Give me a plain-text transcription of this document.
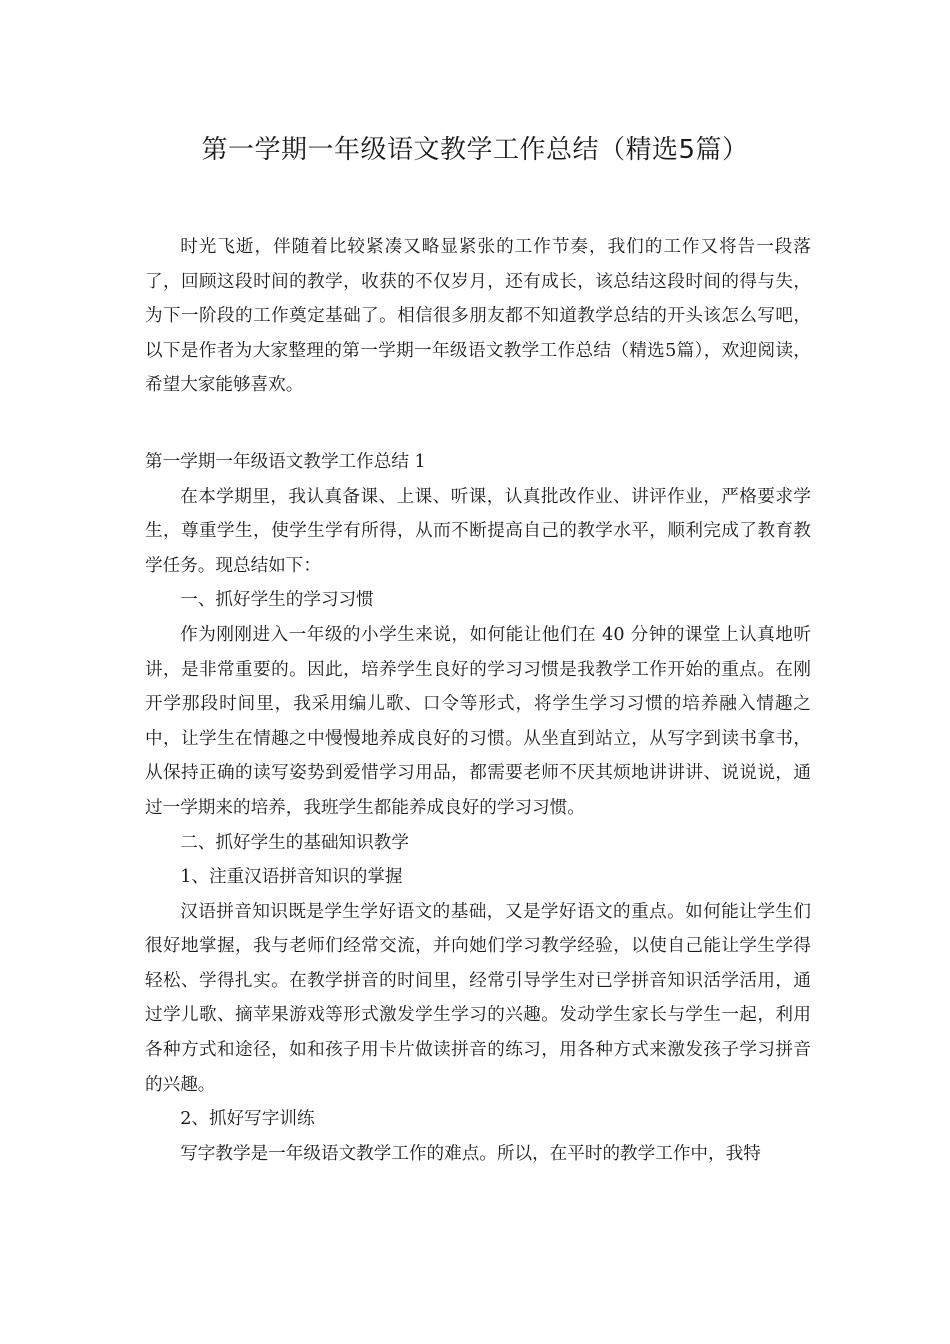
第一学期一年级语文教学工作总结（精选5篇）

时光飞逝，伴随着比较紧凑又略显紧张的工作节奏，我们的工作又将告一段落了，回顾这段时间的教学，收获的不仅岁月，还有成长，该总结这段时间的得与失，为下一阶段的工作奠定基础了。相信很多朋友都不知道教学总结的开头该怎么写吧，以下是作者为大家整理的第一学期一年级语文教学工作总结（精选5篇），欢迎阅读，希望大家能够喜欢。

第一学期一年级语文教学工作总结 1

在本学期里，我认真备课、上课、听课，认真批改作业、讲评作业，严格要求学生，尊重学生，使学生学有所得，从而不断提高自己的教学水平，顺利完成了教育教学任务。现总结如下：

一、抓好学生的学习习惯

作为刚刚进入一年级的小学生来说，如何能让他们在 40 分钟的课堂上认真地听讲，是非常重要的。因此，培养学生良好的学习习惯是我教学工作开始的重点。在刚开学那段时间里，我采用编儿歌、口令等形式，将学生学习习惯的培养融入情趣之中，让学生在情趣之中慢慢地养成良好的习惯。从坐直到站立，从写字到读书拿书，从保持正确的读写姿势到爱惜学习用品，都需要老师不厌其烦地讲讲讲、说说说，通过一学期来的培养，我班学生都能养成良好的学习习惯。

二、抓好学生的基础知识教学

1、注重汉语拼音知识的掌握

汉语拼音知识既是学生学好语文的基础，又是学好语文的重点。如何能让学生们很好地掌握，我与老师们经常交流，并向她们学习教学经验，以使自己能让学生学得轻松、学得扎实。在教学拼音的时间里，经常引导学生对已学拼音知识活学活用，通过学儿歌、摘苹果游戏等形式激发学生学习的兴趣。发动学生家长与学生一起，利用各种方式和途径，如和孩子用卡片做读拼音的练习，用各种方式来激发孩子学习拼音的兴趣。

2、抓好写字训练

写字教学是一年级语文教学工作的难点。所以，在平时的教学工作中，我特
